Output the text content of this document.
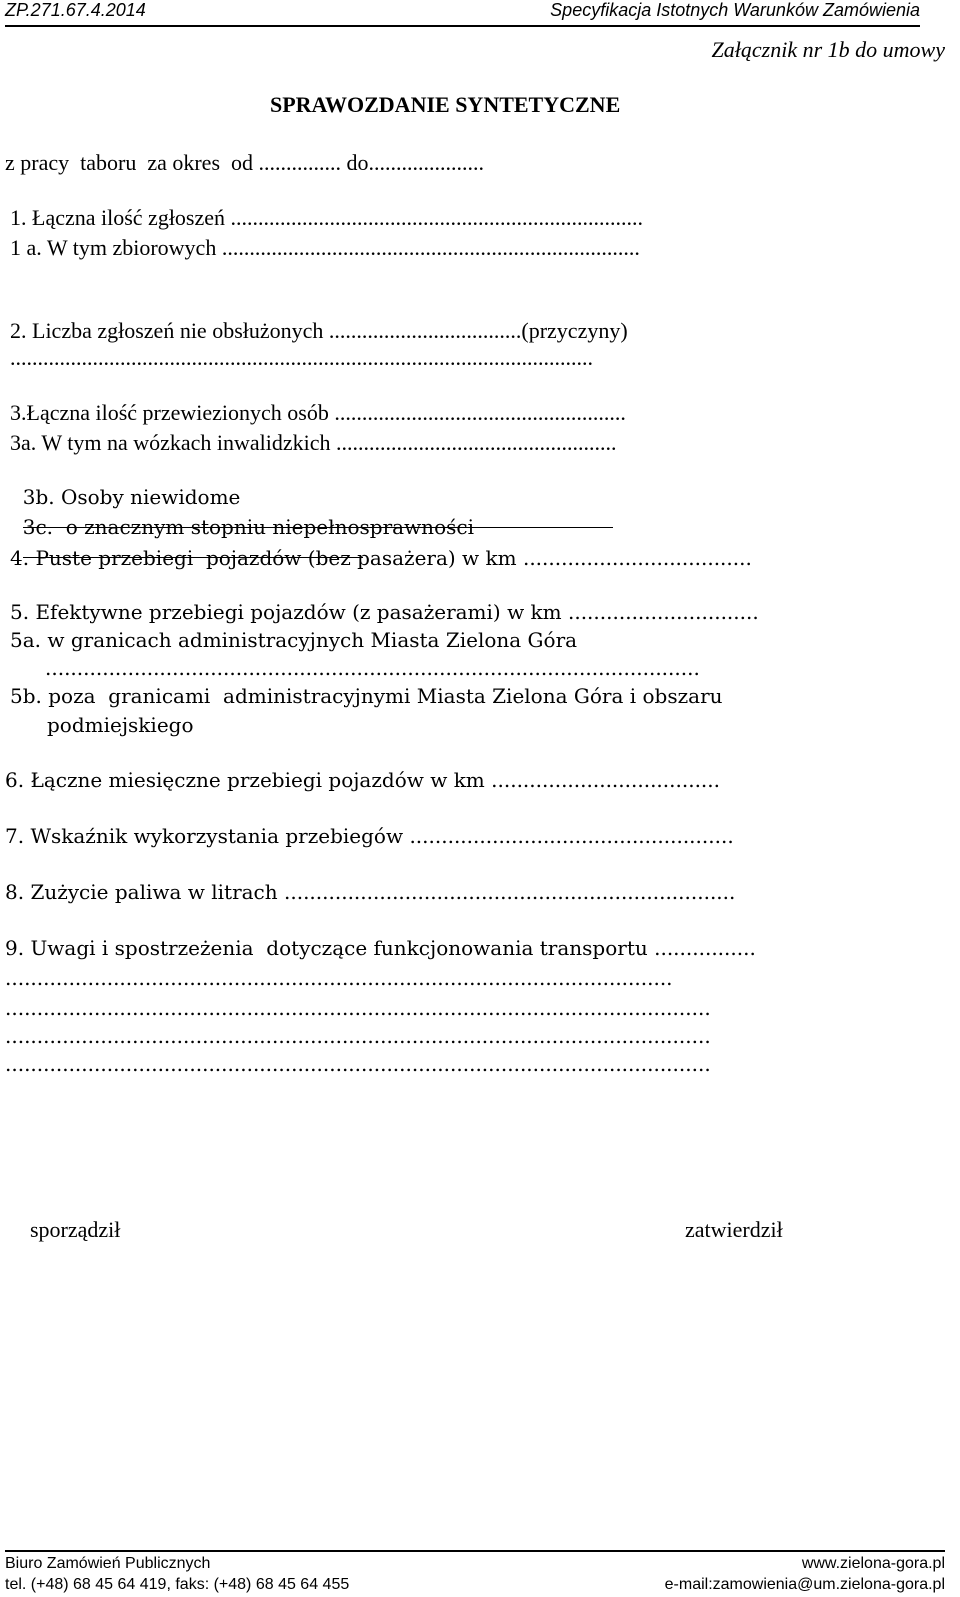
ZP.271.67.4.2014	Specyfikacja Istotnych Warunków Zamówienia
Załącznik nr 1b do umowy
SPRAWOZDANIE SYNTETYCZNE
z pracy  taboru  za okres  od ............... do.....................
1. Łączna ilość zgłoszeń ...........................................................................
1 a. W tym zbiorowych ............................................................................
2. Liczba zgłoszeń nie obsłużonych ...................................(przyczyny)
..........................................................................................................
3.Łączna ilość przewiezionych osób .....................................................
3a. W tym na wózkach inwalidzkich ...................................................

3b. Osoby niewidome

3c.  o znacznym stopniu niepełnosprawności

4. Puste przebiegi  pojazdów (bez pasażera) w km ....................................
5. Efektywne przebiegi pojazdów (z pasażerami) w km ..............................
5a. w granicach administracyjnych Miasta Zielona Góra
.......................................................................................................
5b. poza  granicami  administracyjnymi Miasta Zielona Góra i obszaru
podmiejskiego
6. Łączne miesięczne przebiegi pojazdów w km ....................................
7. Wskaźnik wykorzystania przebiegów ...................................................
8. Zużycie paliwa w litrach .......................................................................
9. Uwagi i spostrzeżenia  dotyczące funkcjonowania transportu ................
.........................................................................................................
...............................................................................................................
...............................................................................................................
...............................................................................................................
sporządził	zatwierdził
Biuro Zamówień Publicznych	www.zielona-gora.pl
tel. (+48) 68 45 64 419, faks: (+48) 68 45 64 455	e-mail:zamowienia@um.zielona-gora.pl
